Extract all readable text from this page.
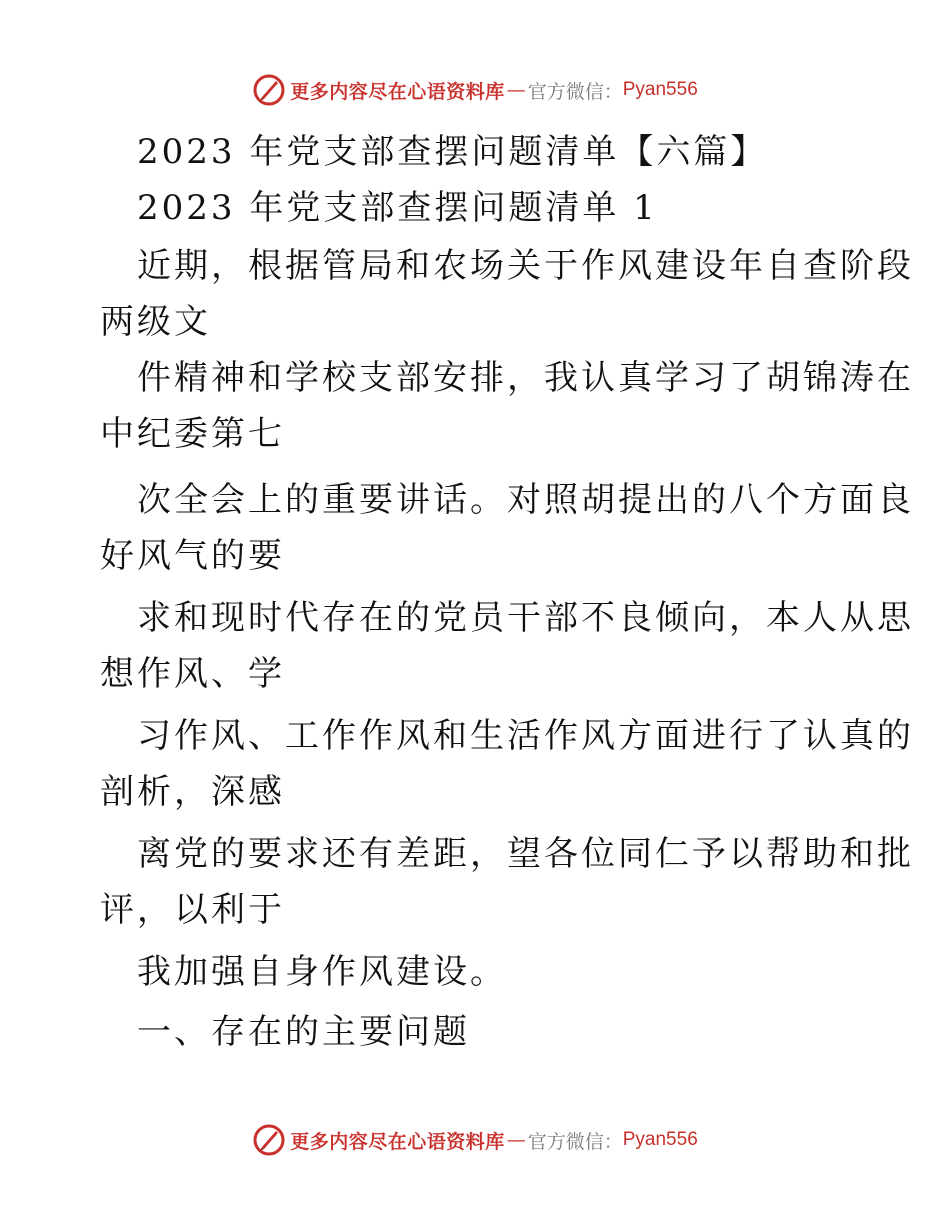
更多内容尽在心语资料库 — 官方微信： Pyan556
2023 年党支部查摆问题清单【六篇】
2023 年党支部查摆问题清单 1
近期，根据管局和农场关于作风建设年自查阶段
两级文
件精神和学校支部安排，我认真学习了胡锦涛在
中纪委第七
次全会上的重要讲话。对照胡提出的八个方面良
好风气的要
求和现时代存在的党员干部不良倾向，本人从思
想作风、学
习作风、工作作风和生活作风方面进行了认真的
剖析，深感
离党的要求还有差距，望各位同仁予以帮助和批
评，以利于
我加强自身作风建设。
一、存在的主要问题
更多内容尽在心语资料库 — 官方微信： Pyan556
